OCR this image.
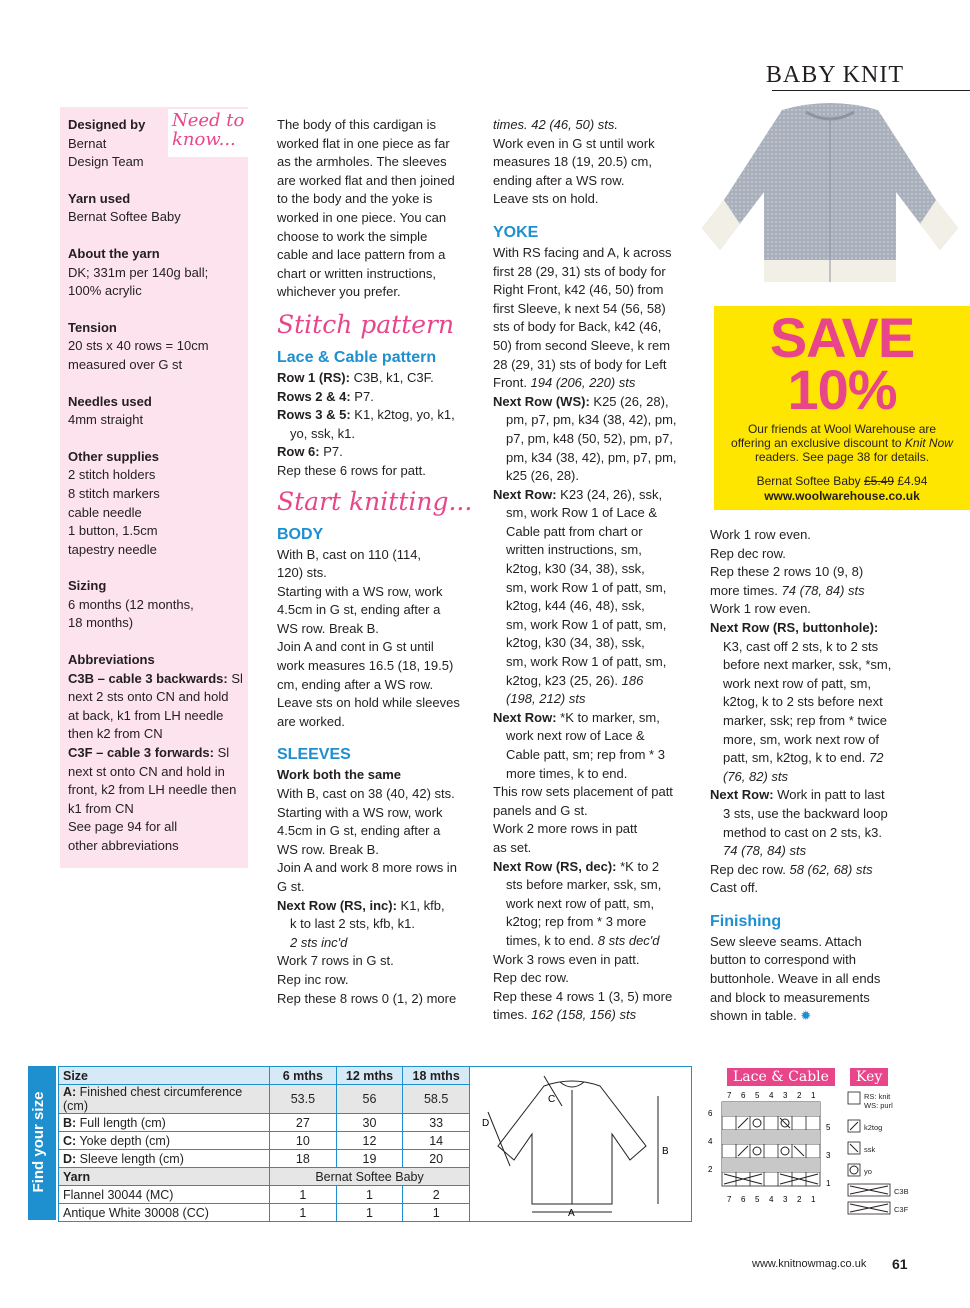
BABY KNIT
Need to know...

Designed by

Bernat

Design Team

Yarn used

Bernat Softee Baby

About the yarn

DK; 331m per 140g ball;

100% acrylic

Tension

20 sts x 40 rows = 10cm

measured over G st

Needles used

4mm straight

Other supplies

2 stitch holders

8 stitch markers

cable needle

1 button, 1.5cm

tapestry needle

Sizing

6 months (12 months,

18 months)

Abbreviations

C3B – cable 3 backwards: Sl

next 2 sts onto CN and hold

at back, k1 from LH needle

then k2 from CN

C3F – cable 3 forwards: Sl

next st onto CN and hold in

front, k2 from LH needle then

k1 from CN

See page 94 for all

other abbreviations

The body of this cardigan is

worked flat in one piece as far

as the armholes. The sleeves

are worked flat and then joined

to the body and the yoke is

worked in one piece. You can

choose to work the simple

cable and lace pattern from a

chart or written instructions,

whichever you prefer.

Stitch pattern
Lace & Cable pattern

Row 1 (RS): C3B, k1, C3F.

Rows 2 & 4: P7.

Rows 3 & 5: K1, k2tog, yo, k1,

yo, ssk, k1.

Row 6: P7.

Rep these 6 rows for patt.

Start knitting...
BODY

With B, cast on 110 (114,

120) sts.

Starting with a WS row, work

4.5cm in G st, ending after a

WS row. Break B.

Join A and cont in G st until

work measures 16.5 (18, 19.5)

cm, ending after a WS row.

Leave sts on hold while sleeves

are worked.

SLEEVES

Work both the same

With B, cast on 38 (40, 42) sts.

Starting with a WS row, work

4.5cm in G st, ending after a

WS row. Break B.

Join A and work 8 more rows in

G st.

Next Row (RS, inc): K1, kfb,

k to last 2 sts, kfb, k1.

2 sts inc'd

Work 7 rows in G st.

Rep inc row.

Rep these 8 rows 0 (1, 2) more

times. 42 (46, 50) sts.

Work even in G st until work

measures 18 (19, 20.5) cm,

ending after a WS row.

Leave sts on hold.

YOKE

With RS facing and A, k across

first 28 (29, 31) sts of body for

Right Front, k42 (46, 50) from

first Sleeve, k next 54 (56, 58)

sts of body for Back, k42 (46,

50) from second Sleeve, k rem

28 (29, 31) sts of body for Left

Front. 194 (206, 220) sts

Next Row (WS): K25 (26, 28),

pm, p7, pm, k34 (38, 42), pm,

p7, pm, k48 (50, 52), pm, p7,

pm, k34 (38, 42), pm, p7, pm,

k25 (26, 28).

Next Row: K23 (24, 26), ssk,

sm, work Row 1 of Lace &

Cable patt from chart or

written instructions, sm,

k2tog, k30 (34, 38), ssk,

sm, work Row 1 of patt, sm,

k2tog, k44 (46, 48), ssk,

sm, work Row 1 of patt, sm,

k2tog, k30 (34, 38), ssk,

sm, work Row 1 of patt, sm,

k2tog, k23 (25, 26). 186

(198, 212) sts

Next Row: *K to marker, sm,

work next row of Lace &

Cable patt, sm; rep from * 3

more times, k to end.

This row sets placement of patt

panels and G st.

Work 2 more rows in patt

as set.

Next Row (RS, dec): *K to 2

sts before marker, ssk, sm,

work next row of patt, sm,

k2tog; rep from * 3 more

times, k to end. 8 sts dec'd

Work 3 rows even in patt.

Rep dec row.

Rep these 4 rows 1 (3, 5) more

times. 162 (158, 156) sts

SAVE
10%
Our friends at Wool Warehouse are
offering an exclusive discount to Knit Now
readers. See page 38 for details.
Bernat Softee Baby £5.49 £4.94
www.woolwarehouse.co.uk

Work 1 row even.

Rep dec row.

Rep these 2 rows 10 (9, 8)

more times. 74 (78, 84) sts

Work 1 row even.

Next Row (RS, buttonhole):

K3, cast off 2 sts, k to 2 sts

before next marker, ssk, *sm,

work next row of patt, sm,

k2tog, k to 2 sts before next

marker, ssk; rep from * twice

more, sm, work next row of

patt, sm, k2tog, k to end. 72

(76, 82) sts

Next Row: Work in patt to last

3 sts, use the backward loop

method to cast on 2 sts, k3.

74 (78, 84) sts

Rep dec row. 58 (62, 68) sts

Cast off.

Finishing

Sew sleeve seams. Attach

button to correspond with

buttonhole. Weave in all ends

and block to measurements

shown in table. ✹

Find your size
Size	6 mths	12 mths	18 mths
A: Finished chest circumference (cm)	53.5	56	58.5
B: Full length (cm)	27	30	33
C: Yoke depth (cm)	10	12	14
D: Sleeve length (cm)	18	19	20
Yarn	Bernat Softee Baby		
Flannel 30044 (MC)	1	1	2
Antique White 30008 (CC)	1	1	1
D
C
B
A
Lace & Cable	Key
7 6 5 4 3 2 1
7 6 5 4 3 2 1
6
4
2
5
3
1
RS: knit
WS: purl
k2tog
ssk
yo
C3B
C3F
www.knitnowmag.co.uk 61
